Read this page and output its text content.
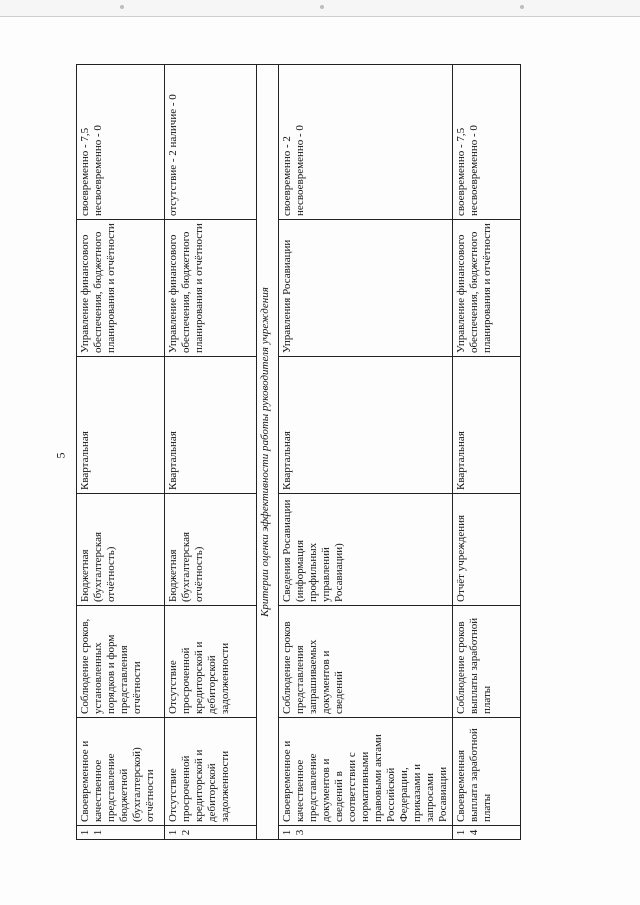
5
11	Своевременное и качественное представление бюджетной (бухгалтерской) отчётности	Соблюдение сроков, установленных порядков и форм представления отчётности	Бюджетная (бухгалтерская отчётность)	Квартальная	Управление финансового обеспечения, бюджетного планирования и отчётности	своевременно - 7,5 несвоевременно - 0
12	Отсутствие просроченной кредиторской и дебиторской задолженности	Отсутствие просроченной кредиторской и дебиторской задолженности	Бюджетная (бухгалтерская отчётность)	Квартальная	Управление финансового обеспечения, бюджетного планирования и отчётности	отсутствие - 2 наличие - 0
Критерии оценки эффективности работы руководителя учреждения						
13	Своевременное и качественное представление документов и сведений в соответствии с нормативными правовыми актами Российской Федерации, приказами и запросами Росавиации	Соблюдение сроков представления запрашиваемых документов и сведений	Сведения Росавиации (информация профильных управлений Росавиации)	Квартальная	Управления Росавиации	своевременно - 2 несвоевременно - 0
14	Своевременная выплата заработной платы	Соблюдение сроков выплаты заработной платы	Отчёт учреждения	Квартальная	Управление финансового обеспечения, бюджетного планирования и отчётности	своевременно - 7,5 несвоевременно - 0
